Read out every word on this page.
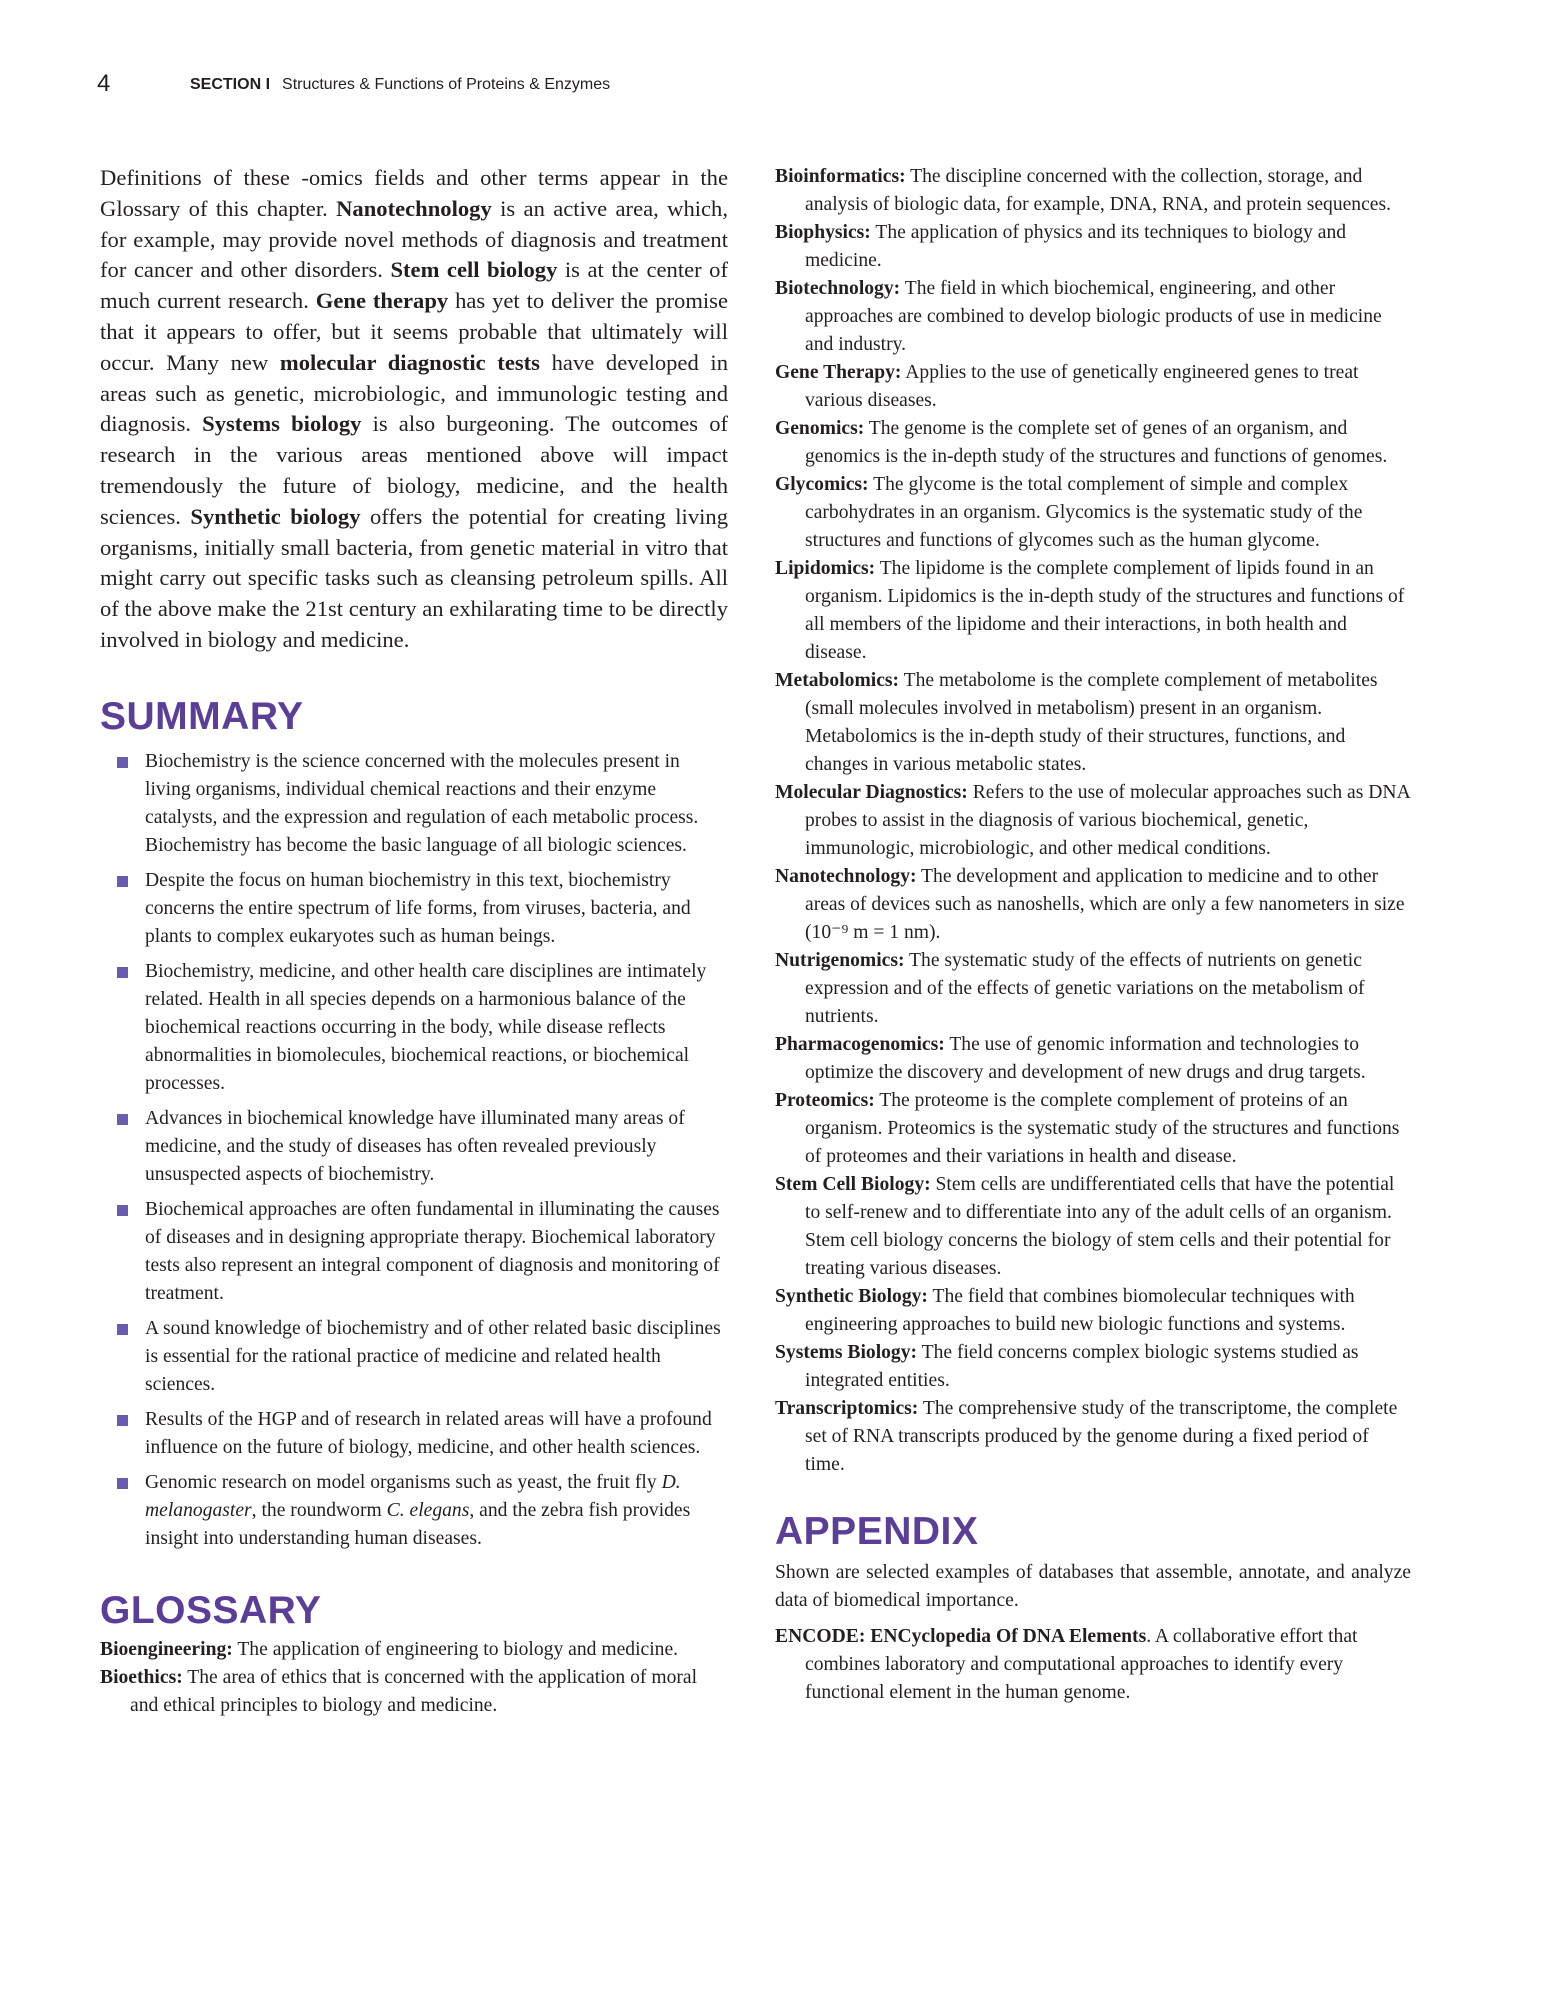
4	SECTION I Structures & Functions of Proteins & Enzymes

Definitions of these -omics fields and other terms appear in the Glossary of this chapter. Nanotechnology is an active area, which, for example, may provide novel methods of diagnosis and treatment for cancer and other disorders. Stem cell biology is at the center of much current research. Gene therapy has yet to deliver the promise that it appears to offer, but it seems probable that ultimately will occur. Many new molecular diagnostic tests have developed in areas such as genetic, microbiologic, and immunologic testing and diagnosis. Systems biology is also burgeoning. The outcomes of research in the various areas mentioned above will impact tremendously the future of biology, medicine, and the health sciences. Synthetic biology offers the potential for creating living organisms, initially small bacteria, from genetic material in vitro that might carry out specific tasks such as cleansing petroleum spills. All of the above make the 21st century an exhilarating time to be directly involved in biology and medicine.

SUMMARY
Biochemistry is the science concerned with the molecules present in living organisms, individual chemical reactions and their enzyme catalysts, and the expression and regulation of each metabolic process. Biochemistry has become the basic language of all biologic sciences.
Despite the focus on human biochemistry in this text, biochemistry concerns the entire spectrum of life forms, from viruses, bacteria, and plants to complex eukaryotes such as human beings.
Biochemistry, medicine, and other health care disciplines are intimately related. Health in all species depends on a harmonious balance of the biochemical reactions occurring in the body, while disease reflects abnormalities in biomolecules, biochemical reactions, or biochemical processes.
Advances in biochemical knowledge have illuminated many areas of medicine, and the study of diseases has often revealed previously unsuspected aspects of biochemistry.
Biochemical approaches are often fundamental in illuminating the causes of diseases and in designing appropriate therapy. Biochemical laboratory tests also represent an integral component of diagnosis and monitoring of treatment.
A sound knowledge of biochemistry and of other related basic disciplines is essential for the rational practice of medicine and related health sciences.
Results of the HGP and of research in related areas will have a profound influence on the future of biology, medicine, and other health sciences.
Genomic research on model organisms such as yeast, the fruit fly D. melanogaster, the roundworm C. elegans, and the zebra fish provides insight into understanding human diseases.
GLOSSARY

Bioengineering: The application of engineering to biology and medicine.

Bioethics: The area of ethics that is concerned with the application of moral and ethical principles to biology and medicine.

Bioinformatics: The discipline concerned with the collection, storage, and analysis of biologic data, for example, DNA, RNA, and protein sequences.

Biophysics: The application of physics and its techniques to biology and medicine.

Biotechnology: The field in which biochemical, engineering, and other approaches are combined to develop biologic products of use in medicine and industry.

Gene Therapy: Applies to the use of genetically engineered genes to treat various diseases.

Genomics: The genome is the complete set of genes of an organism, and genomics is the in-depth study of the structures and functions of genomes.

Glycomics: The glycome is the total complement of simple and complex carbohydrates in an organism. Glycomics is the systematic study of the structures and functions of glycomes such as the human glycome.

Lipidomics: The lipidome is the complete complement of lipids found in an organism. Lipidomics is the in-depth study of the structures and functions of all members of the lipidome and their interactions, in both health and disease.

Metabolomics: The metabolome is the complete complement of metabolites (small molecules involved in metabolism) present in an organism. Metabolomics is the in-depth study of their structures, functions, and changes in various metabolic states.

Molecular Diagnostics: Refers to the use of molecular approaches such as DNA probes to assist in the diagnosis of various biochemical, genetic, immunologic, microbiologic, and other medical conditions.

Nanotechnology: The development and application to medicine and to other areas of devices such as nanoshells, which are only a few nanometers in size (10⁻⁹ m = 1 nm).

Nutrigenomics: The systematic study of the effects of nutrients on genetic expression and of the effects of genetic variations on the metabolism of nutrients.

Pharmacogenomics: The use of genomic information and technologies to optimize the discovery and development of new drugs and drug targets.

Proteomics: The proteome is the complete complement of proteins of an organism. Proteomics is the systematic study of the structures and functions of proteomes and their variations in health and disease.

Stem Cell Biology: Stem cells are undifferentiated cells that have the potential to self-renew and to differentiate into any of the adult cells of an organism. Stem cell biology concerns the biology of stem cells and their potential for treating various diseases.

Synthetic Biology: The field that combines biomolecular techniques with engineering approaches to build new biologic functions and systems.

Systems Biology: The field concerns complex biologic systems studied as integrated entities.

Transcriptomics: The comprehensive study of the transcriptome, the complete set of RNA transcripts produced by the genome during a fixed period of time.

APPENDIX

Shown are selected examples of databases that assemble, annotate, and analyze data of biomedical importance.

ENCODE: ENCyclopedia Of DNA Elements. A collaborative effort that combines laboratory and computational approaches to identify every functional element in the human genome.
